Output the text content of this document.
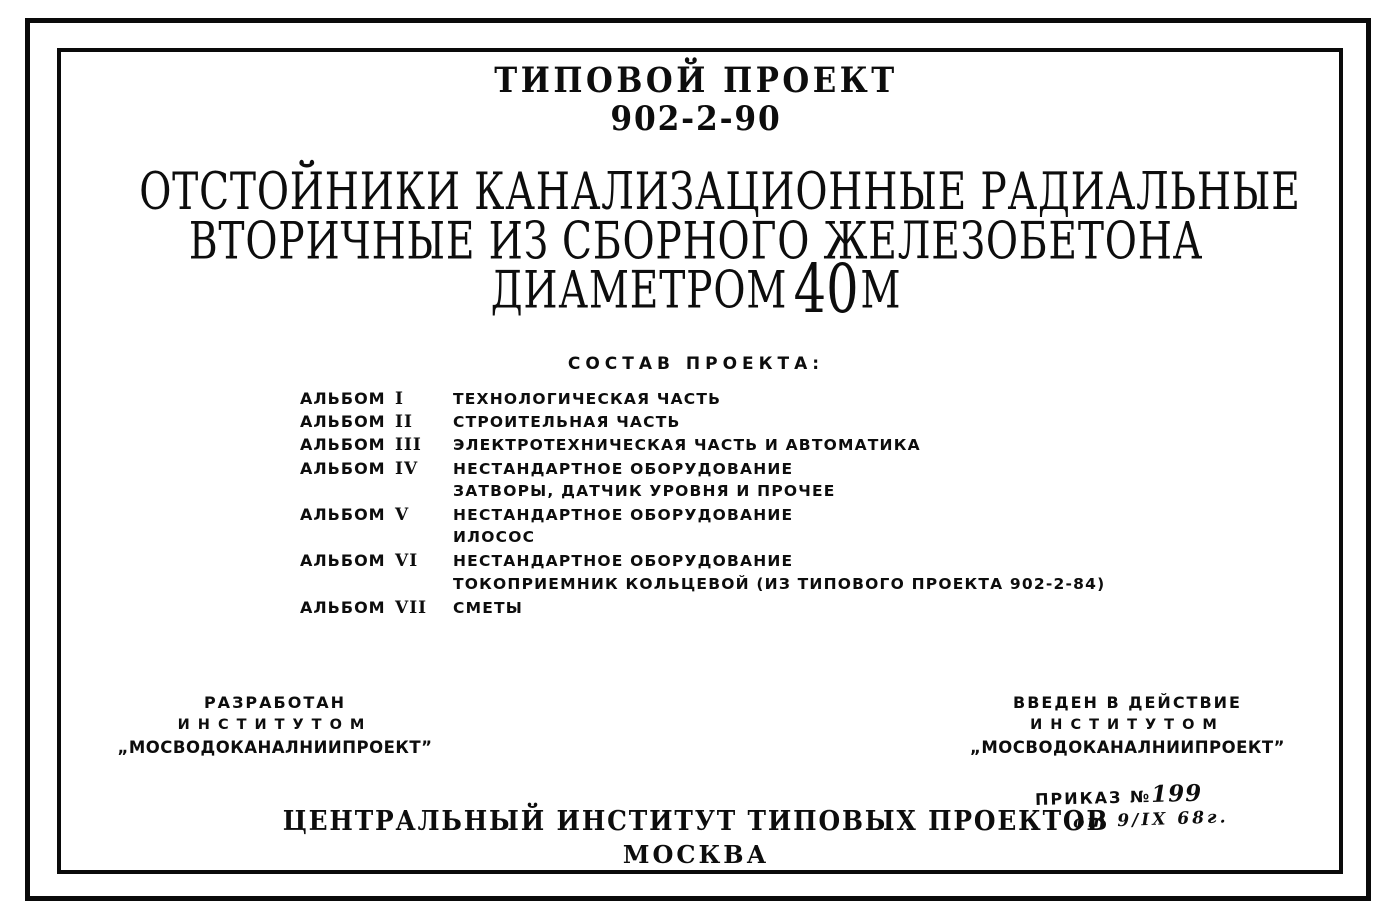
ТИПОВОЙ ПРОЕКТ
902-2-90
ОТСТОЙНИКИ КАНАЛИЗАЦИОННЫЕ РАДИАЛЬНЫЕ
ВТОРИЧНЫЕ ИЗ СБОРНОГО ЖЕЛЕЗОБЕТОНА
ДИАМЕТРОМ 40М
СОСТАВ ПРОЕКТА:
АЛЬБОМ I	ТЕХНОЛОГИЧЕСКАЯ ЧАСТЬ
АЛЬБОМ II	СТРОИТЕЛЬНАЯ ЧАСТЬ
АЛЬБОМ III	ЭЛЕКТРОТЕХНИЧЕСКАЯ ЧАСТЬ И АВТОМАТИКА
АЛЬБОМ IV	НЕСТАНДАРТНОЕ ОБОРУДОВАНИЕ
ЗАТВОРЫ, ДАТЧИК УРОВНЯ И ПРОЧЕЕ
АЛЬБОМ V	НЕСТАНДАРТНОЕ ОБОРУДОВАНИЕ
ИЛОСОС
АЛЬБОМ VI	НЕСТАНДАРТНОЕ ОБОРУДОВАНИЕ
ТОКОПРИЕМНИК КОЛЬЦЕВОЙ (ИЗ ТИПОВОГО ПРОЕКТА 902-2-84)
АЛЬБОМ VII	СМЕТЫ
РАЗРАБОТАН
ИНСТИТУТОМ
„МОСВОДОКАНАЛНИИПРОЕКТ”
ВВЕДЕН В ДЕЙСТВИЕ
ИНСТИТУТОМ
„МОСВОДОКАНАЛНИИПРОЕКТ”
ПРИКАЗ №199
от 9/IX 68г.
ЦЕНТРАЛЬНЫЙ ИНСТИТУТ ТИПОВЫХ ПРОЕКТОВ
МОСКВА
